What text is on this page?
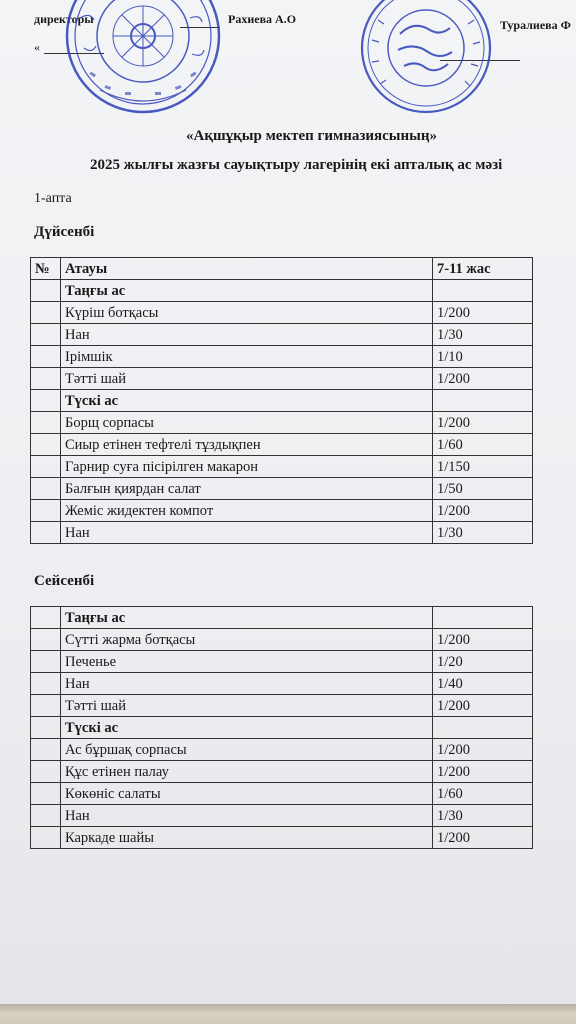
директоры
«
Рахиева А.О	Туралиева Ф
«Ақшұқыр мектеп гимназиясының»
2025 жылғы жазғы сауықтыру лагерінің екі апталық ас мәзі
1-апта
Дүйсенбі
№	Атауы	7-11 жас
	Таңғы ас	
	Күріш ботқасы	1/200
	Нан	1/30
	Ірімшік	1/10
	Тәтті шай	1/200
	Түскі ас	
	Борщ сорпасы	1/200
	Сиыр етінен тефтелі тұздықпен	1/60
	Гарнир суға пісірілген макарон	1/150
	Балғын қиярдан салат	1/50
	Жеміс жидектен компот	1/200
	Нан	1/30
Сейсенбі
	Таңғы ас	
	Сүтті жарма ботқасы	1/200
	Печенье	1/20
	Нан	1/40
	Тәтті шай	1/200
	Түскі ас	
	Ас бұршақ сорпасы	1/200
	Құс етінен палау	1/200
	Көкөніс салаты	1/60
	Нан	1/30
	Каркаде шайы	1/200
